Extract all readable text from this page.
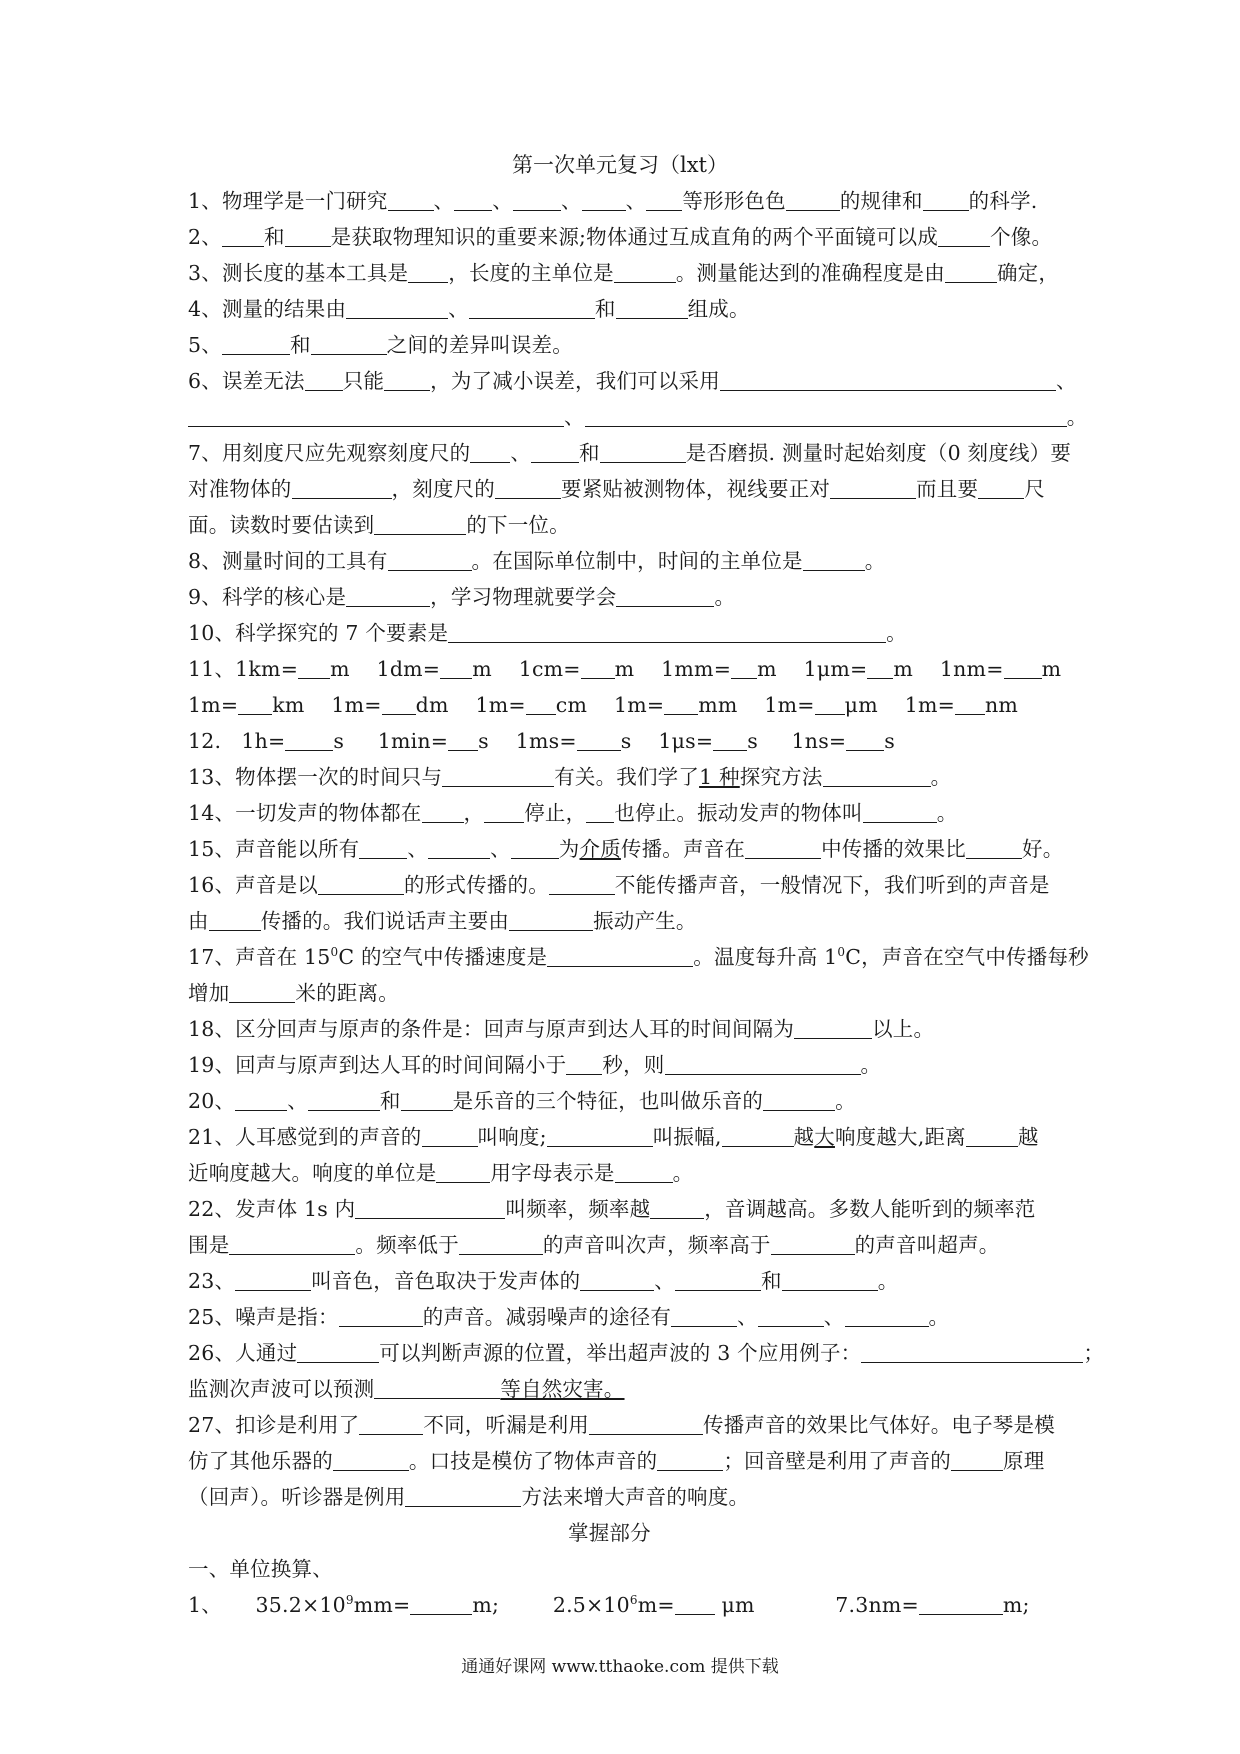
第一次单元复习（lxt）
1、物理学是一门研究 、 、 、 、 等形形色色	的规律和 的科学.
2、 和 是获取物理知识的重要来源;物体通过互成直角的两个平面镜可以成	个像。
3、测长度的基本工具是 ，长度的主单位是	。测量能达到的准确程度是由	确定，
4、测量的结果由	、	和	组成。
5、	和	之间的差异叫误差。
6、误差无法 只能 ，为了减小误差，我们可以采用	、
、	。
7、用刻度尺应先观察刻度尺的 、 和	是否磨损. 测量时起始刻度（0 刻度线）要
对准物体的	，刻度尺的	要紧贴被测物体，视线要正对	而且要 尺
面。读数时要估读到	的下一位。
8、测量时间的工具有	。在国际单位制中，时间的主单位是	。
9、科学的核心是	，学习物理就要学会	。
10、科学探究的 7 个要素是	。
11、1km= m 1dm= m 1cm= m 1mm= m 1μm= m 1nm= m
1m= km 1m= dm 1m= cm 1m= mm 1m= μm 1m= nm
12. 1h= s 1min= s 1ms= s 1μs= s 1ns= s
13、物体摆一次的时间只与	有关。我们学了1 种探究方法	。
14、一切发声的物体都在 ， 停止， 也停止。振动发声的物体叫	。
15、声音能以所有 、	、 为介质传播。声音在	中传播的效果比	好。
16、声音是以	的形式传播的。	不能传播声音，一般情况下，我们听到的声音是
由	传播的。我们说话声主要由	振动产生。
17、声音在 $15^0C$ 的空气中传播速度是	。温度每升高 $1^0C$，声音在空气中传播每秒
增加	米的距离。
18、区分回声与原声的条件是：回声与原声到达人耳的时间间隔为	以上。
19、回声与原声到达人耳的时间间隔小于 秒，则	。
20、	、	和	是乐音的三个特征，也叫做乐音的	。
21、人耳感觉到的声音的	叫响度;	叫振幅,	越大响度越大,距离	越
近响度越大。响度的单位是	用字母表示是	。
22、发声体 1s 内	叫频率，频率越	，音调越高。多数人能听到的频率范
围是	。频率低于	的声音叫次声，频率高于	的声音叫超声。
23、	叫音色，音色取决于发声体的	、	和	。
25、噪声是指：	的声音。减弱噪声的途径有	、	、	。
26、人通过	可以判断声源的位置，举出超声波的 3 个应用例子：	；
监测次声波可以预测	等自然灾害。
27、扣诊是利用了	不同，听漏是利用	传播声音的效果比气体好。电子琴是模
仿了其他乐器的	。口技是模仿了物体声音的	；回音壁是利用了声音的	原理
（回声）。听诊器是例用	方法来增大声音的响度。
掌握部分
一、单位换算、
1、 $35.2\times 10^9mm=$	m;	$2.5\times 10^6m= \mu m$	7.3nm=	m;
通通好课网 www.tthaoke.com 提供下载
